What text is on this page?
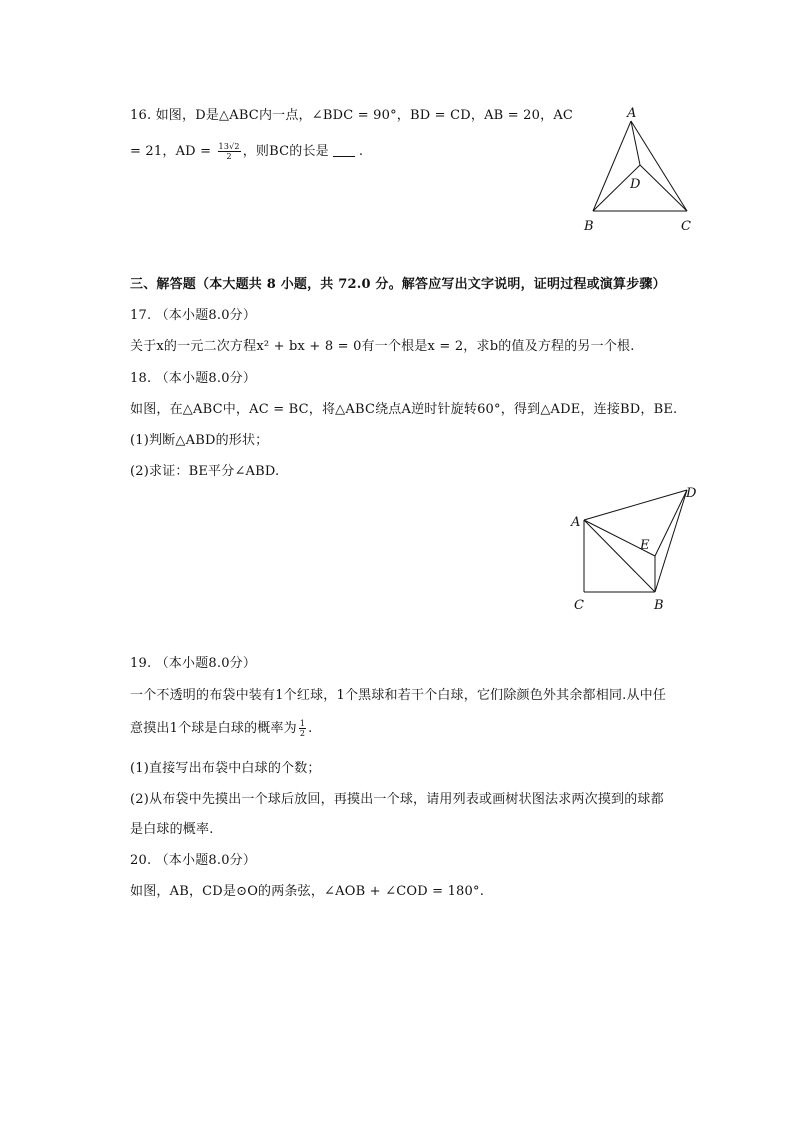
16. 如图，D是△ABC内一点，∠BDC = 90°，BD = CD，AB = 20，AC
= 21，AD = $\frac{13√2}{2}$ ，则BC的长是 .
A
B	C
D
三、解答题（本大题共 8 小题，共 72.0 分。解答应写出文字说明，证明过程或演算步骤）
17. （本小题8.0分）
关于x的一元二次方程x² + bx + 8 = 0有一个根是x = 2，求b的值及方程的另一个根.
18. （本小题8.0分）
如图，在△ABC中，AC = BC，将△ABC绕点A逆时针旋转60°，得到△ADE，连接BD，BE.
(1)判断△ABD的形状；
(2)求证：BE平分∠ABD.
A
D
E
C	B
19. （本小题8.0分）
一个不透明的布袋中装有1个红球，1个黑球和若干个白球，它们除颜色外其余都相同.从中任
意摸出1个球是白球的概率为 $\frac{1}{2}$ .
(1)直接写出布袋中白球的个数；
(2)从布袋中先摸出一个球后放回，再摸出一个球，请用列表或画树状图法求两次摸到的球都
是白球的概率.
20. （本小题8.0分）
如图，AB，CD是⊙O的两条弦，∠AOB + ∠COD = 180°.
